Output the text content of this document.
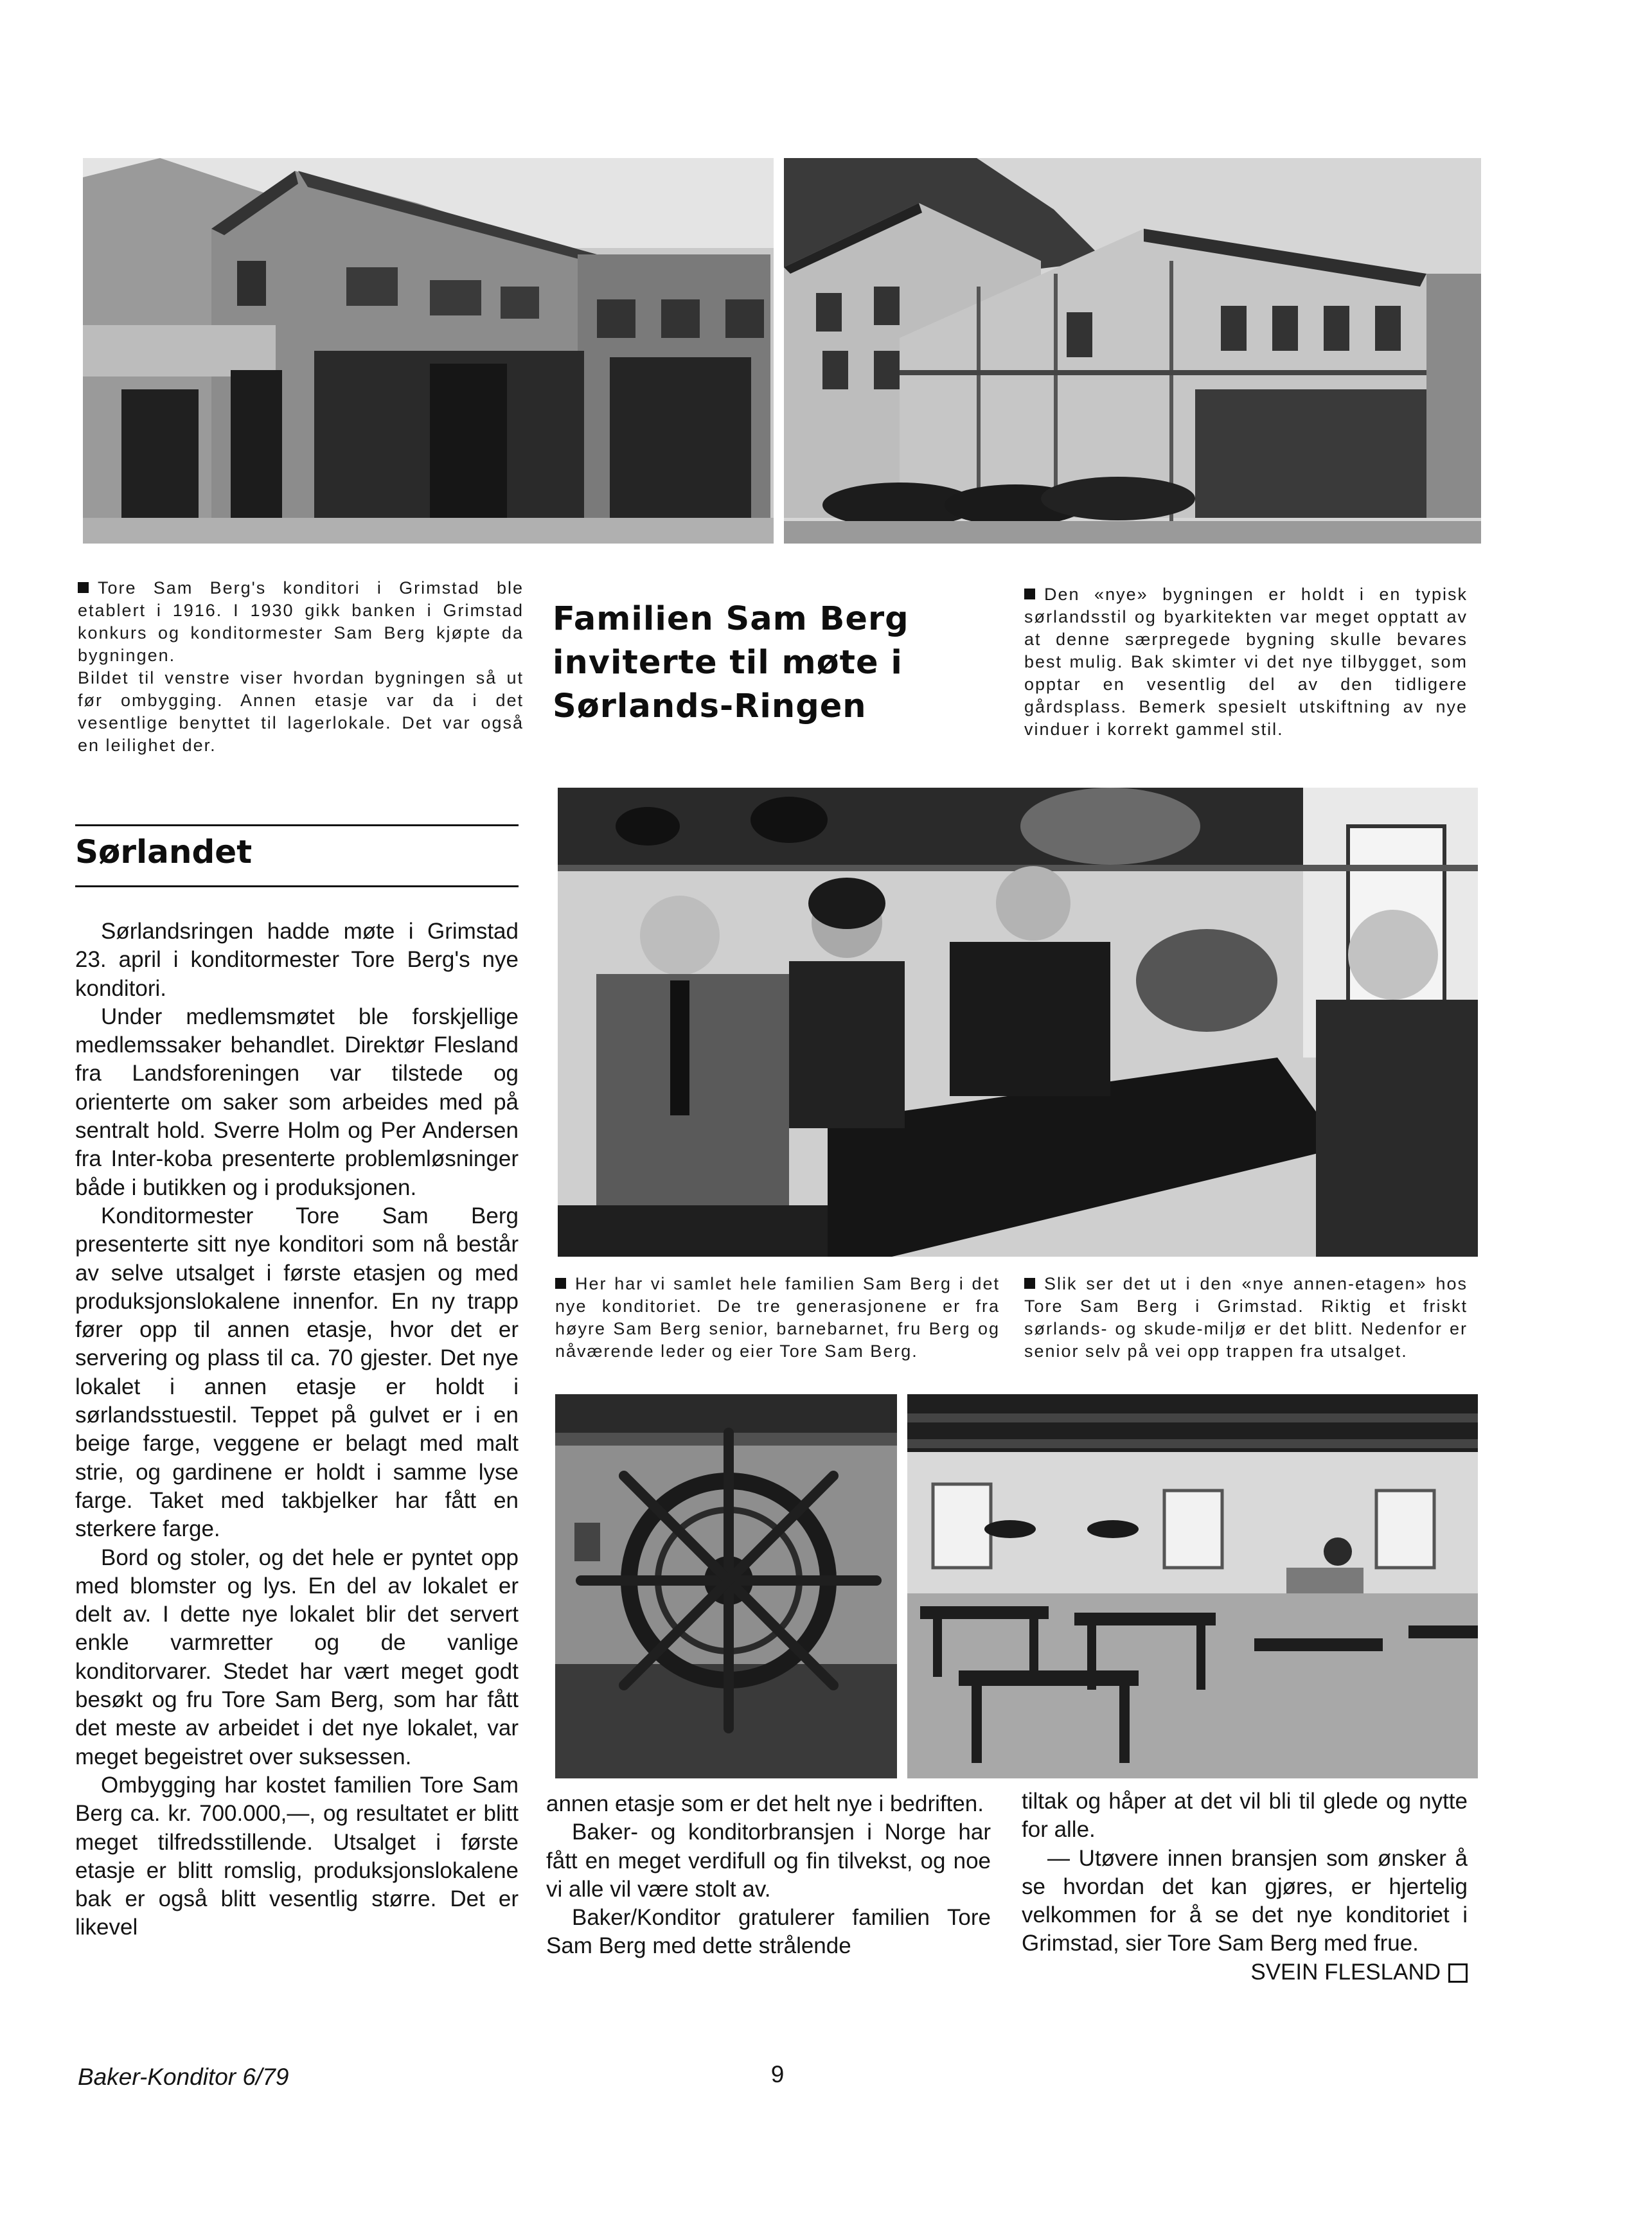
Tore Sam Berg's konditori i Grimstad ble etablert i 1916. I 1930 gikk banken i Grimstad konkurs og konditormester Sam Berg kjøpte da bygningen.

Bildet til venstre viser hvordan bygningen så ut før ombygging. Annen etasje var da i det vesentlige benyttet til lagerlokale. Det var også en leilighet der.

Den «nye» bygningen er holdt i en typisk sørlandsstil og byarkitekten var meget opptatt av at denne særpregede bygning skulle bevares best mulig. Bak skimter vi det nye tilbygget, som opptar en vesentlig del av den tidligere gårdsplass. Bemerk spesielt utskiftning av nye vinduer i korrekt gammel stil.

Her har vi samlet hele familien Sam Berg i det nye konditoriet. De tre generasjonene er fra høyre Sam Berg senior, barnebarnet, fru Berg og nåværende leder og eier Tore Sam Berg.

Slik ser det ut i den «nye annen-etagen» hos Tore Sam Berg i Grimstad. Riktig et friskt sørlands- og skude-miljø er det blitt. Nedenfor er senior selv på vei opp trappen fra utsalget.

Familien Sam Berg
inviterte til møte i
Sørlands-Ringen
Sørlandet

Sørlandsringen hadde møte i Grimstad 23. april i konditormester Tore Berg's nye konditori.

Under medlemsmøtet ble forskjellige medlemssaker behandlet. Direktør Flesland fra Landsforeningen var tilstede og orienterte om saker som arbeides med på sentralt hold. Sverre Holm og Per Andersen fra Inter-koba presenterte problemløsninger både i butikken og i produksjonen.

Konditormester Tore Sam Berg presenterte sitt nye konditori som nå består av selve utsalget i første etasjen og med produksjonslokalene innenfor. En ny trapp fører opp til annen etasje, hvor det er servering og plass til ca. 70 gjester. Det nye lokalet i annen etasje er holdt i sørlandsstuestil. Teppet på gulvet er i en beige farge, veggene er belagt med malt strie, og gardinene er holdt i samme lyse farge. Taket med takbjelker har fått en sterkere farge.

Bord og stoler, og det hele er pyntet opp med blomster og lys. En del av lokalet er delt av. I dette nye lokalet blir det servert enkle varmretter og de vanlige konditorvarer. Stedet har vært meget godt besøkt og fru Tore Sam Berg, som har fått det meste av arbeidet i det nye lokalet, var meget begeistret over suksessen.

Ombygging har kostet familien Tore Sam Berg ca. kr. 700.000,—, og resultatet er blitt meget tilfredsstillende. Utsalget i første etasje er blitt romslig, produksjonslokalene bak er også blitt vesentlig større. Det er likevel

annen etasje som er det helt nye i bedriften.

Baker- og konditorbransjen i Norge har fått en meget verdifull og fin tilvekst, og noe vi alle vil være stolt av.

Baker/Konditor gratulerer familien Tore Sam Berg med dette strålende

tiltak og håper at det vil bli til glede og nytte for alle.

— Utøvere innen bransjen som ønsker å se hvordan det kan gjøres, er hjertelig velkommen for å se det nye konditoriet i Grimstad, sier Tore Sam Berg med frue.

SVEIN FLESLAND

Baker-Konditor 6/79	9
